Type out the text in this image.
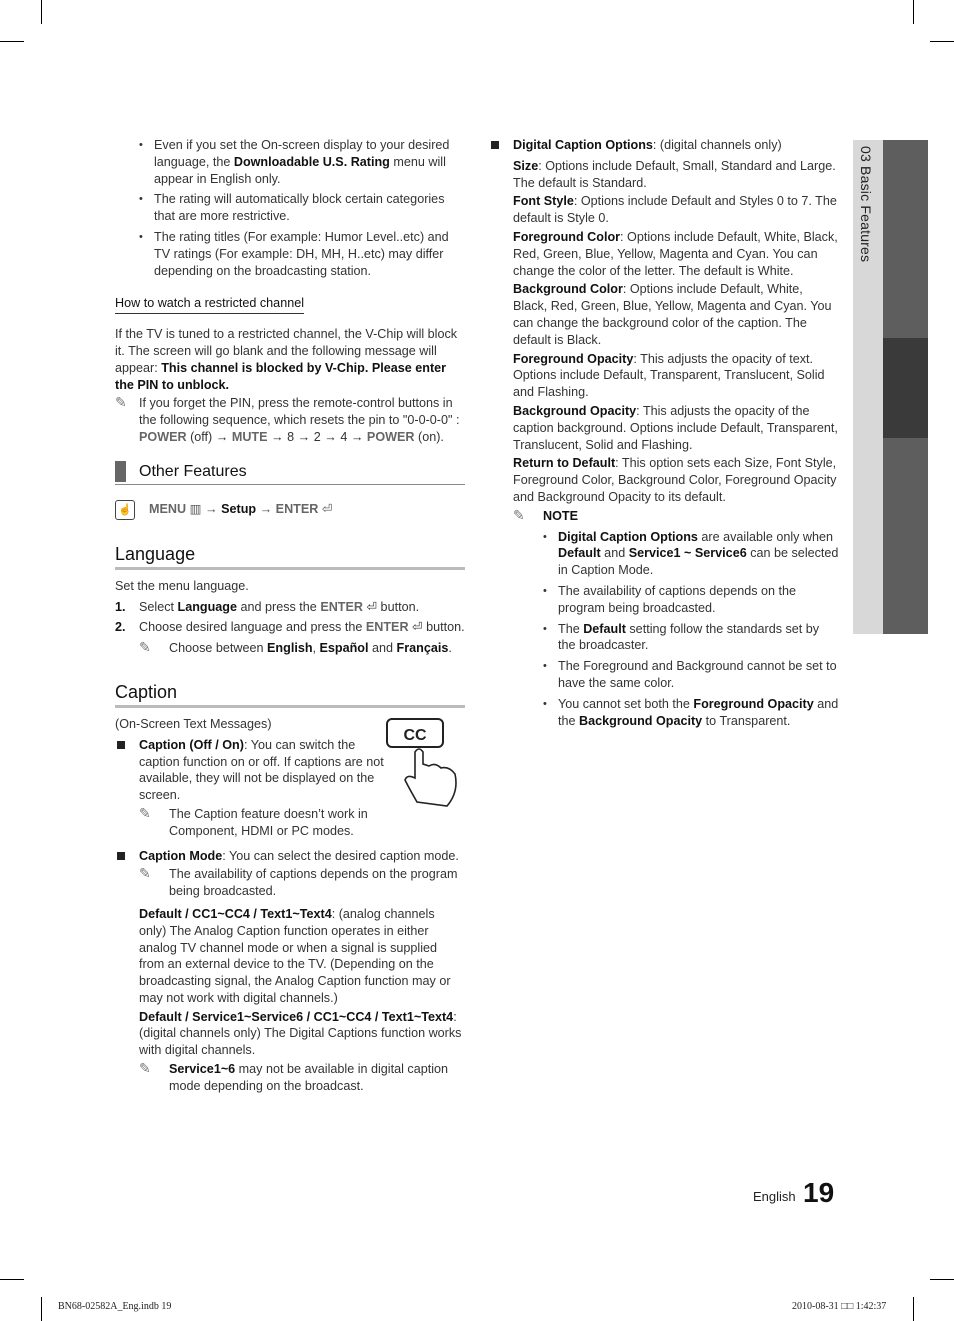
• Even if you set the On-screen display to your desired language, the Downloadable U.S. Rating menu will appear in English only.

• The rating will automatically block certain categories that are more restrictive.

• The rating titles (For example: Humor Level..etc) and TV ratings (For example: DH, MH, H..etc) may differ depending on the broadcasting station.

How to watch a restricted channel

If the TV is tuned to a restricted channel, the V-Chip will block it. The screen will go blank and the following message will appear: This channel is blocked by V-Chip. Please enter the PIN to unblock.

✎ If you forget the PIN, press the remote-control buttons in the following sequence, which resets the pin to "0-0-0-0" : POWER (off) → MUTE → 8 → 2 → 4 → POWER (on).

Other Features
☝ MENU ▥ → Setup → ENTER ⏎
Language

Set the menu language.

1. Select Language and press the ENTER ⏎ button.

2. Choose desired language and press the ENTER ⏎ button.

✎ Choose between English, Español and Français.

Caption
CC

(On-Screen Text Messages)

Caption (Off / On): You can switch the caption function on or off. If captions are not available, they will not be displayed on the screen.

✎ The Caption feature doesn’t work in Component, HDMI or PC modes.

Caption Mode: You can select the desired caption mode.

✎ The availability of captions depends on the program being broadcasted.

Default / CC1~CC4 / Text1~Text4: (analog channels only) The Analog Caption function operates in either analog TV channel mode or when a signal is supplied from an external device to the TV. (Depending on the broadcasting signal, the Analog Caption function may or may not work with digital channels.)

Default / Service1~Service6 / CC1~CC4 / Text1~Text4: (digital channels only) The Digital Captions function works with digital channels.

✎ Service1~6 may not be available in digital caption mode depending on the broadcast.

Digital Caption Options: (digital channels only)

Size: Options include Default, Small, Standard and Large. The default is Standard.

Font Style: Options include Default and Styles 0 to 7. The default is Style 0.

Foreground Color: Options include Default, White, Black, Red, Green, Blue, Yellow, Magenta and Cyan. You can change the color of the letter. The default is White.

Background Color: Options include Default, White, Black, Red, Green, Blue, Yellow, Magenta and Cyan. You can change the background color of the caption. The default is Black.

Foreground Opacity: This adjusts the opacity of text. Options include Default, Transparent, Translucent, Solid and Flashing.

Background Opacity: This adjusts the opacity of the caption background. Options include Default, Transparent, Translucent, Solid and Flashing.

Return to Default: This option sets each Size, Font Style, Foreground Color, Background Color, Foreground Opacity and Background Opacity to its default.

✎ NOTE

• Digital Caption Options are available only when Default and Service1 ~ Service6 can be selected in Caption Mode.

• The availability of captions depends on the program being broadcasted.

• The Default setting follow the standards set by the broadcaster.

• The Foreground and Background cannot be set to have the same color.

• You cannot set both the Foreground Opacity and the Background Opacity to Transparent.

03 Basic Features
English 19
BN68-02582A_Eng.indb 19	2010-08-31 □□ 1:42:37
